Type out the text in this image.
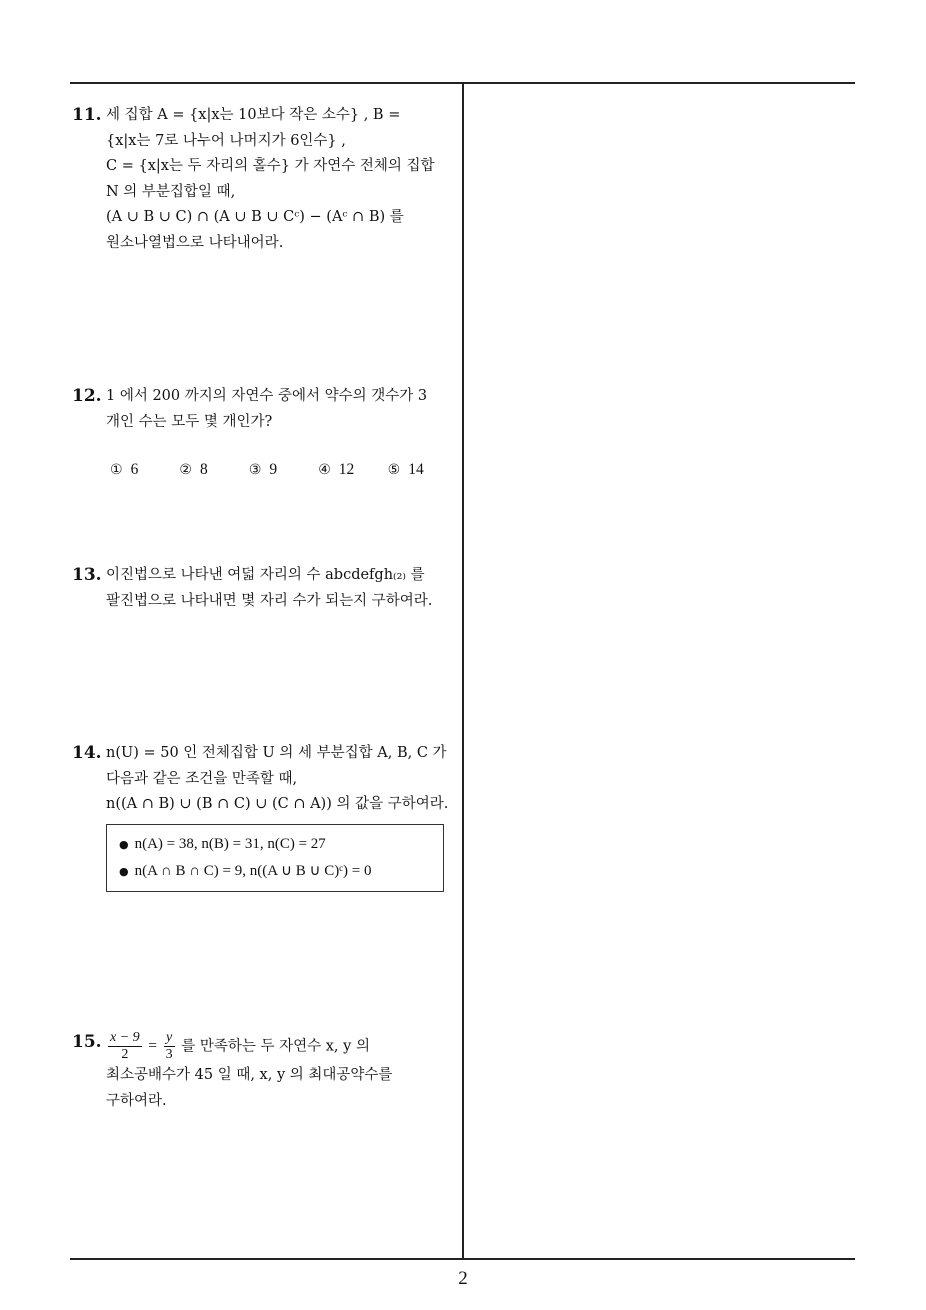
11. 세 집합 A = {x|x는 10보다 작은 소수} , B =
{x|x는 7로 나누어 나머지가 6인수} ,
C = {x|x는 두 자리의 홀수} 가 자연수 전체의 집합
N 의 부분집합일 때,
(A ∪ B ∪ C) ∩ (A ∪ B ∪ Cᶜ) − (Aᶜ ∩ B) 를
원소나열법으로 나타내어라.
12. 1 에서 200 까지의 자연수 중에서 약수의 갯수가 3
개인 수는 모두 몇 개인가?
① 6	② 8	③ 9	④ 12	⑤ 14
13. 이진법으로 나타낸 여덟 자리의 수 abcdefgh₍₂₎ 를
팔진법으로 나타내면 몇 자리 수가 되는지 구하여라.
14. n(U) = 50 인 전체집합 U 의 세 부분집합 A, B, C 가
다음과 같은 조건을 만족할 때,
n((A ∩ B) ∪ (B ∩ C) ∪ (C ∩ A)) 의 값을 구하여라.
● n(A) = 38, n(B) = 31, n(C) = 27
● n(A ∩ B ∩ C) = 9, n((A ∪ B ∪ C)ᶜ) = 0
15. $\frac{x - 9}{2} = \frac{y}{3}$ 를 만족하는 두 자연수 x, y 의
최소공배수가 45 일 때, x, y 의 최대공약수를
구하여라.
2
